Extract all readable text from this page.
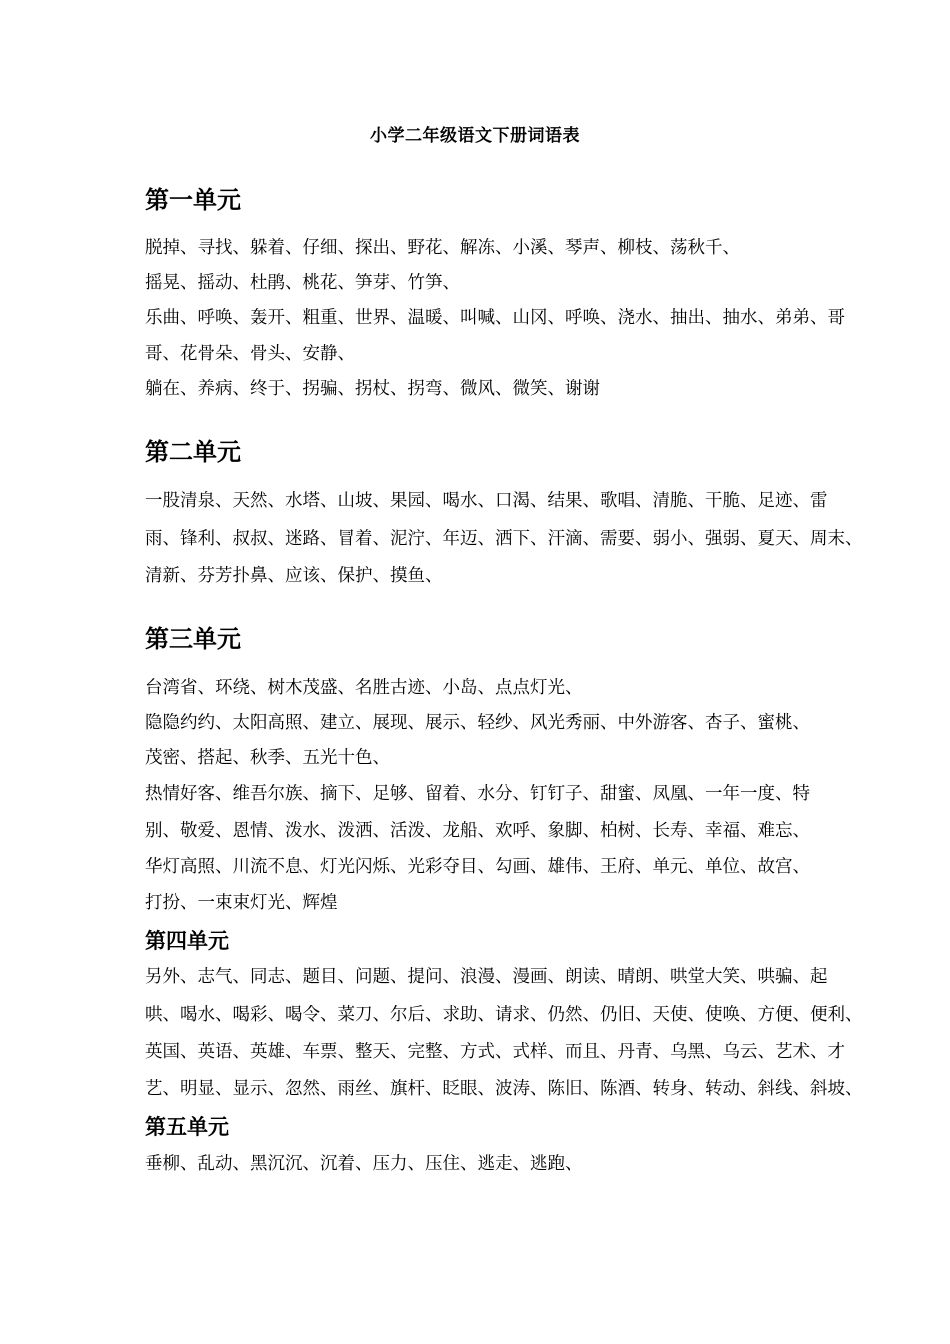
小学二年级语文下册词语表
第一单元
脱掉、寻找、躲着、仔细、探出、野花、解冻、小溪、琴声、柳枝、荡秋千、
摇晃、摇动、杜鹃、桃花、笋芽、竹笋、
乐曲、呼唤、轰开、粗重、世界、温暖、叫喊、山冈、呼唤、浇水、抽出、抽水、弟弟、哥
哥、花骨朵、骨头、安静、
躺在、养病、终于、拐骗、拐杖、拐弯、微风、微笑、谢谢
第二单元
一股清泉、天然、水塔、山坡、果园、喝水、口渴、结果、歌唱、清脆、干脆、足迹、雷
雨、锋利、叔叔、迷路、冒着、泥泞、年迈、洒下、汗滴、需要、弱小、强弱、夏天、周末、
清新、芬芳扑鼻、应该、保护、摸鱼、
第三单元
台湾省、环绕、树木茂盛、名胜古迹、小岛、点点灯光、
隐隐约约、太阳高照、建立、展现、展示、轻纱、风光秀丽、中外游客、杏子、蜜桃、
茂密、搭起、秋季、五光十色、
热情好客、维吾尔族、摘下、足够、留着、水分、钉钉子、甜蜜、凤凰、一年一度、特
别、敬爱、恩情、泼水、泼洒、活泼、龙船、欢呼、象脚、柏树、长寿、幸福、难忘、
华灯高照、川流不息、灯光闪烁、光彩夺目、勾画、雄伟、王府、单元、单位、故宫、
打扮、一束束灯光、辉煌
第四单元
另外、志气、同志、题目、问题、提问、浪漫、漫画、朗读、晴朗、哄堂大笑、哄骗、起
哄、喝水、喝彩、喝令、菜刀、尔后、求助、请求、仍然、仍旧、天使、使唤、方便、便利、
英国、英语、英雄、车票、整天、完整、方式、式样、而且、丹青、乌黑、乌云、艺术、才
艺、明显、显示、忽然、雨丝、旗杆、眨眼、波涛、陈旧、陈酒、转身、转动、斜线、斜坡、
第五单元
垂柳、乱动、黑沉沉、沉着、压力、压住、逃走、逃跑、
